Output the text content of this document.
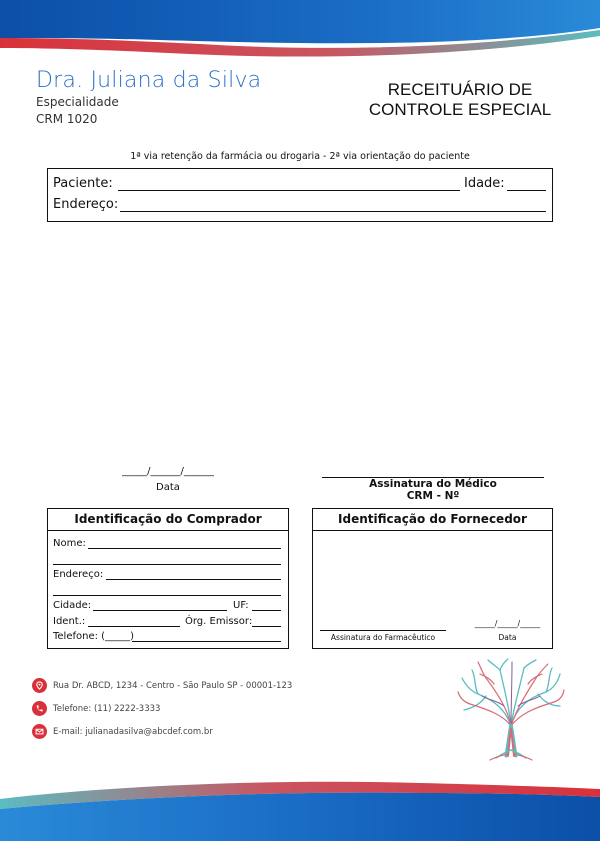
Dra. Juliana da Silva
Especialidade
CRM 1020
RECEITUÁRIO DE
CONTROLE ESPECIAL
1ª via retenção da farmácia ou drogaria - 2ª via orientação do paciente
Paciente:	Idade:
Endereço:
_____/______/______
Data	Assinatura do Médico
CRM - Nº
Identificação do Comprador
Nome:
Endereço:
Cidade:	UF:
Ident.:	Órg. Emissor:
Telefone: (_____)
Identificação do Fornecedor
Assinatura do Farmacêutico
_____/_____/_____
Data
Rua Dr. ABCD, 1234 - Centro - São Paulo SP - 00001-123
Telefone: (11) 2222-3333
E-mail: julianadasilva@abcdef.com.br
